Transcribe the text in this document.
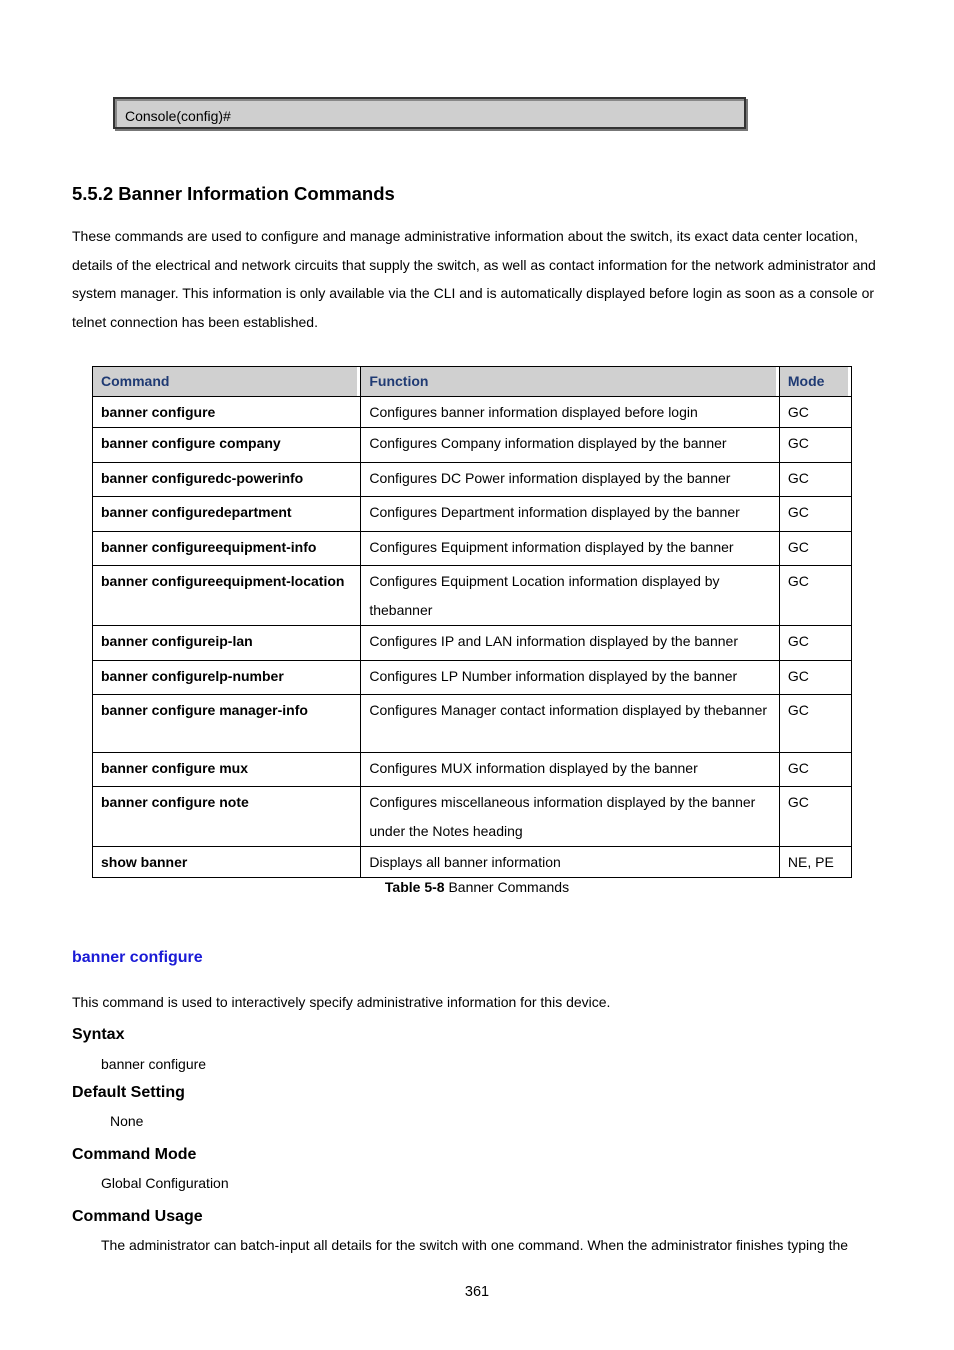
Console(config)#
5.5.2 Banner Information Commands

These commands are used to configure and manage administrative information about the switch, its exact data center location, details of the electrical and network circuits that supply the switch, as well as contact information for the network administrator and system manager. This information is only available via the CLI and is automatically displayed before login as soon as a console or telnet connection has been established.

Command	Function	Mode
banner configure	Configures banner information displayed before login	GC
banner configure company	Configures Company information displayed by the banner	GC
banner configuredc-powerinfo	Configures DC Power information displayed by the banner	GC
banner configuredepartment	Configures Department information displayed by the banner	GC
banner configureequipment-info	Configures Equipment information displayed by the banner	GC
banner configureequipment-location	Configures Equipment Location information displayed by thebanner	GC
banner configureip-lan	Configures IP and LAN information displayed by the banner	GC
banner configurelp-number	Configures LP Number information displayed by the banner	GC
banner configure manager-info	Configures Manager contact information displayed by thebanner	GC
banner configure mux	Configures MUX information displayed by the banner	GC
banner configure note	Configures miscellaneous information displayed by the banner under the Notes heading	GC
show banner	Displays all banner information	NE, PE
Table 5-8 Banner Commands
banner configure

This command is used to interactively specify administrative information for this device.

Syntax

banner configure

Default Setting

None

Command Mode

Global Configuration

Command Usage

The administrator can batch-input all details for the switch with one command. When the administrator finishes typing the

361
